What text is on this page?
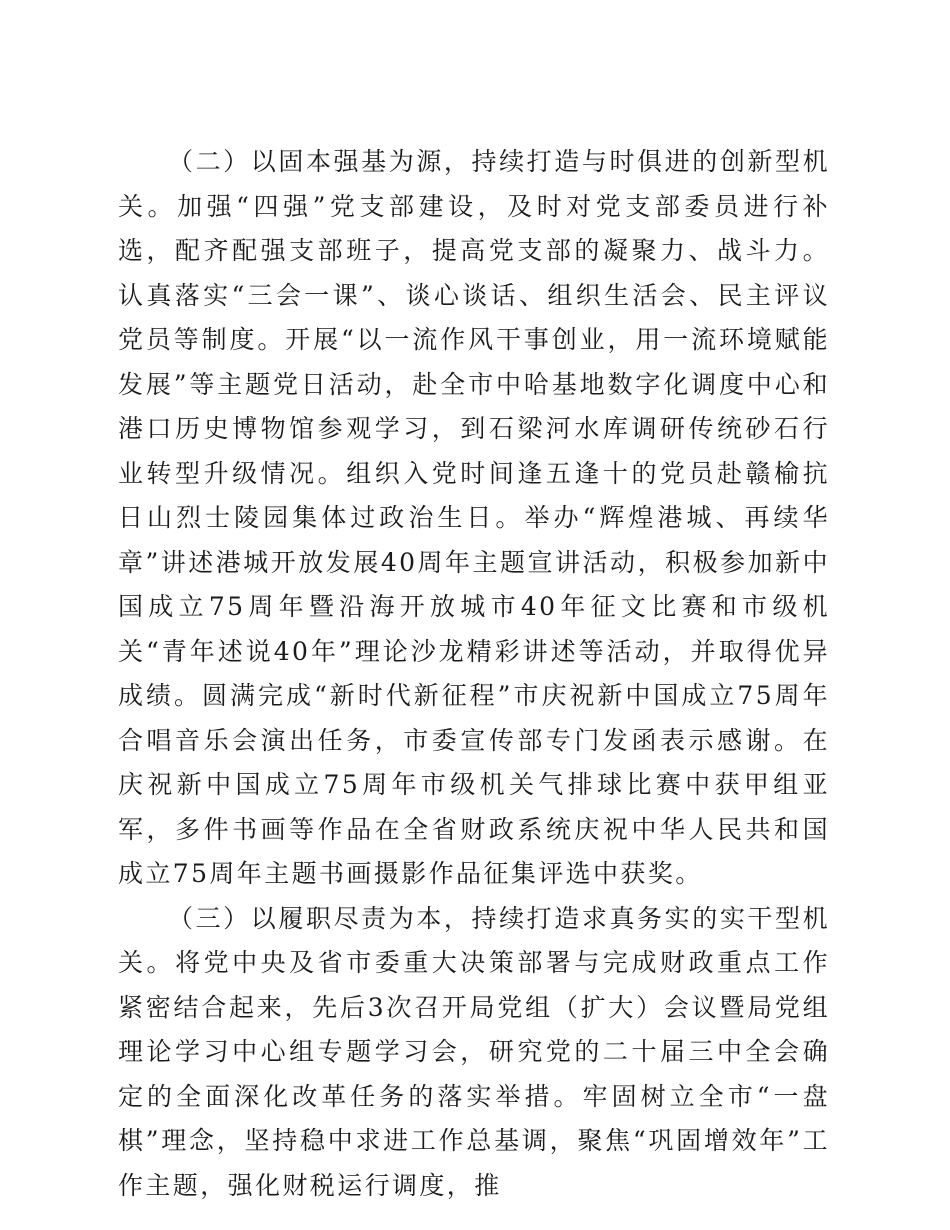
（二）以固本强基为源，持续打造与时俱进的创新型机关。加强“四强”党支部建设，及时对党支部委员进行补选，配齐配强支部班子，提高党支部的凝聚力、战斗力。认真落实“三会一课”、谈心谈话、组织生活会、民主评议党员等制度。开展“以一流作风干事创业，用一流环境赋能发展”等主题党日活动，赴全市中哈基地数字化调度中心和港口历史博物馆参观学习，到石梁河水库调研传统砂石行业转型升级情况。组织入党时间逢五逢十的党员赴赣榆抗日山烈士陵园集体过政治生日。举办“辉煌港城、再续华章”讲述港城开放发展40周年主题宣讲活动，积极参加新中国成立75周年暨沿海开放城市40年征文比赛和市级机关“青年述说40年”理论沙龙精彩讲述等活动，并取得优异成绩。圆满完成“新时代新征程”市庆祝新中国成立75周年合唱音乐会演出任务，市委宣传部专门发函表示感谢。在庆祝新中国成立75周年市级机关气排球比赛中获甲组亚军，多件书画等作品在全省财政系统庆祝中华人民共和国成立75周年主题书画摄影作品征集评选中获奖。

（三）以履职尽责为本，持续打造求真务实的实干型机关。将党中央及省市委重大决策部署与完成财政重点工作紧密结合起来，先后3次召开局党组（扩大）会议暨局党组理论学习中心组专题学习会，研究党的二十届三中全会确定的全面深化改革任务的落实举措。牢固树立全市“一盘棋”理念，坚持稳中求进工作总基调，聚焦“巩固增效年”工作主题，强化财税运行调度，推
